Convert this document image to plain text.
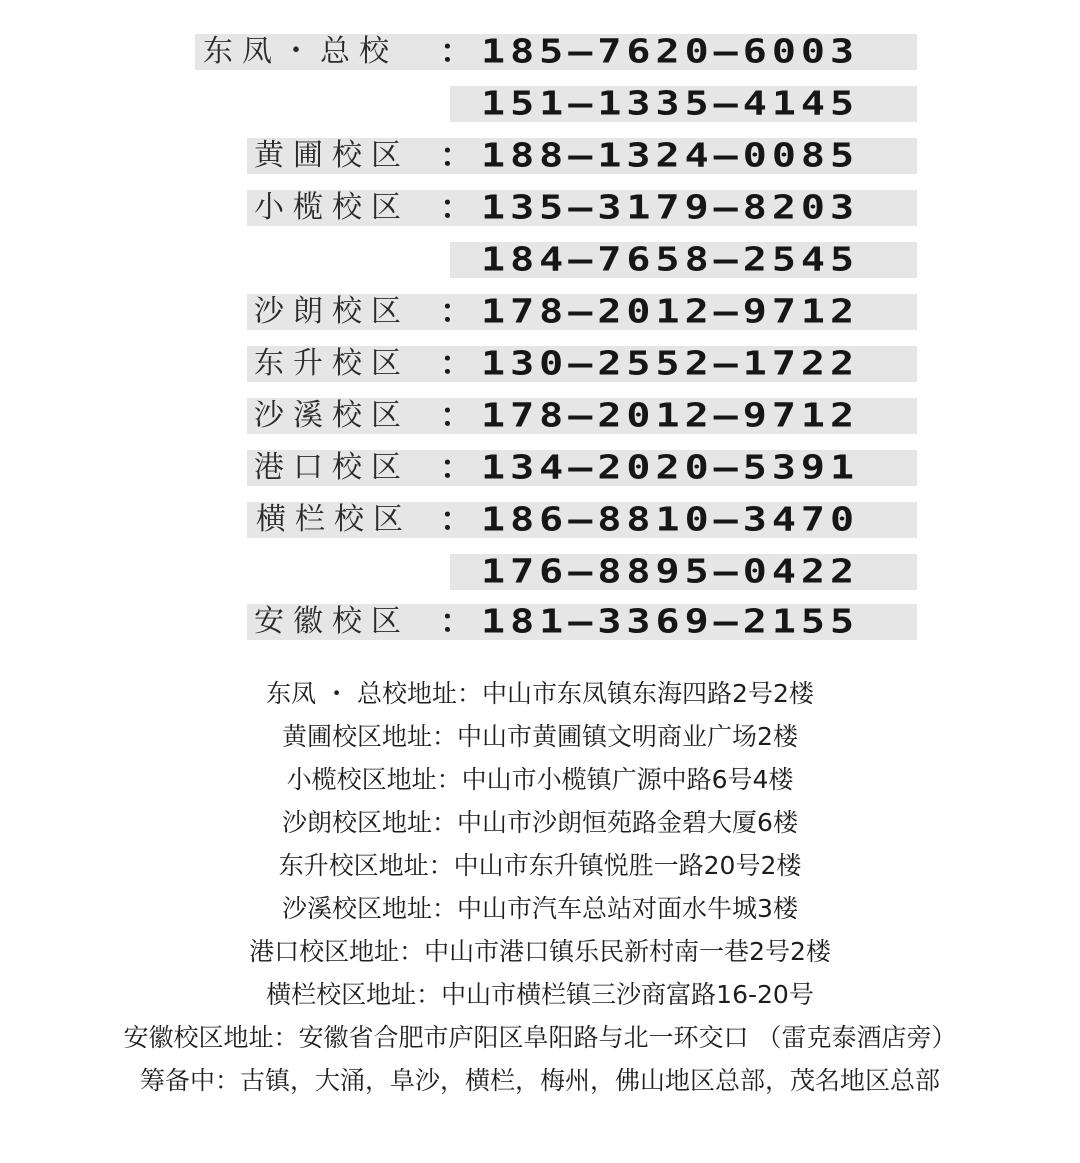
东凤・总校 ： 185—7620—6003
151—1335—4145
黄圃校区 ： 188—1324—0085
小榄校区 ： 135—3179—8203
184—7658—2545
沙朗校区 ： 178—2012—9712
东升校区 ： 130—2552—1722
沙溪校区 ： 178—2012—9712
港口校区 ： 134—2020—5391
横栏校区 ： 186—8810—3470
176—8895—0422
安徽校区 ： 181—3369—2155
东凤 ・ 总校地址：中山市东凤镇东海四路2号2楼
黄圃校区地址：中山市黄圃镇文明商业广场2楼
小榄校区地址：中山市小榄镇广源中路6号4楼
沙朗校区地址：中山市沙朗恒苑路金碧大厦6楼
东升校区地址：中山市东升镇悦胜一路20号2楼
沙溪校区地址：中山市汽车总站对面水牛城3楼
港口校区地址：中山市港口镇乐民新村南一巷2号2楼
横栏校区地址：中山市横栏镇三沙商富路16-20号
安徽校区地址：安徽省合肥市庐阳区阜阳路与北一环交口 （雷克泰酒店旁）
筹备中：古镇，大涌，阜沙，横栏，梅州，佛山地区总部，茂名地区总部
